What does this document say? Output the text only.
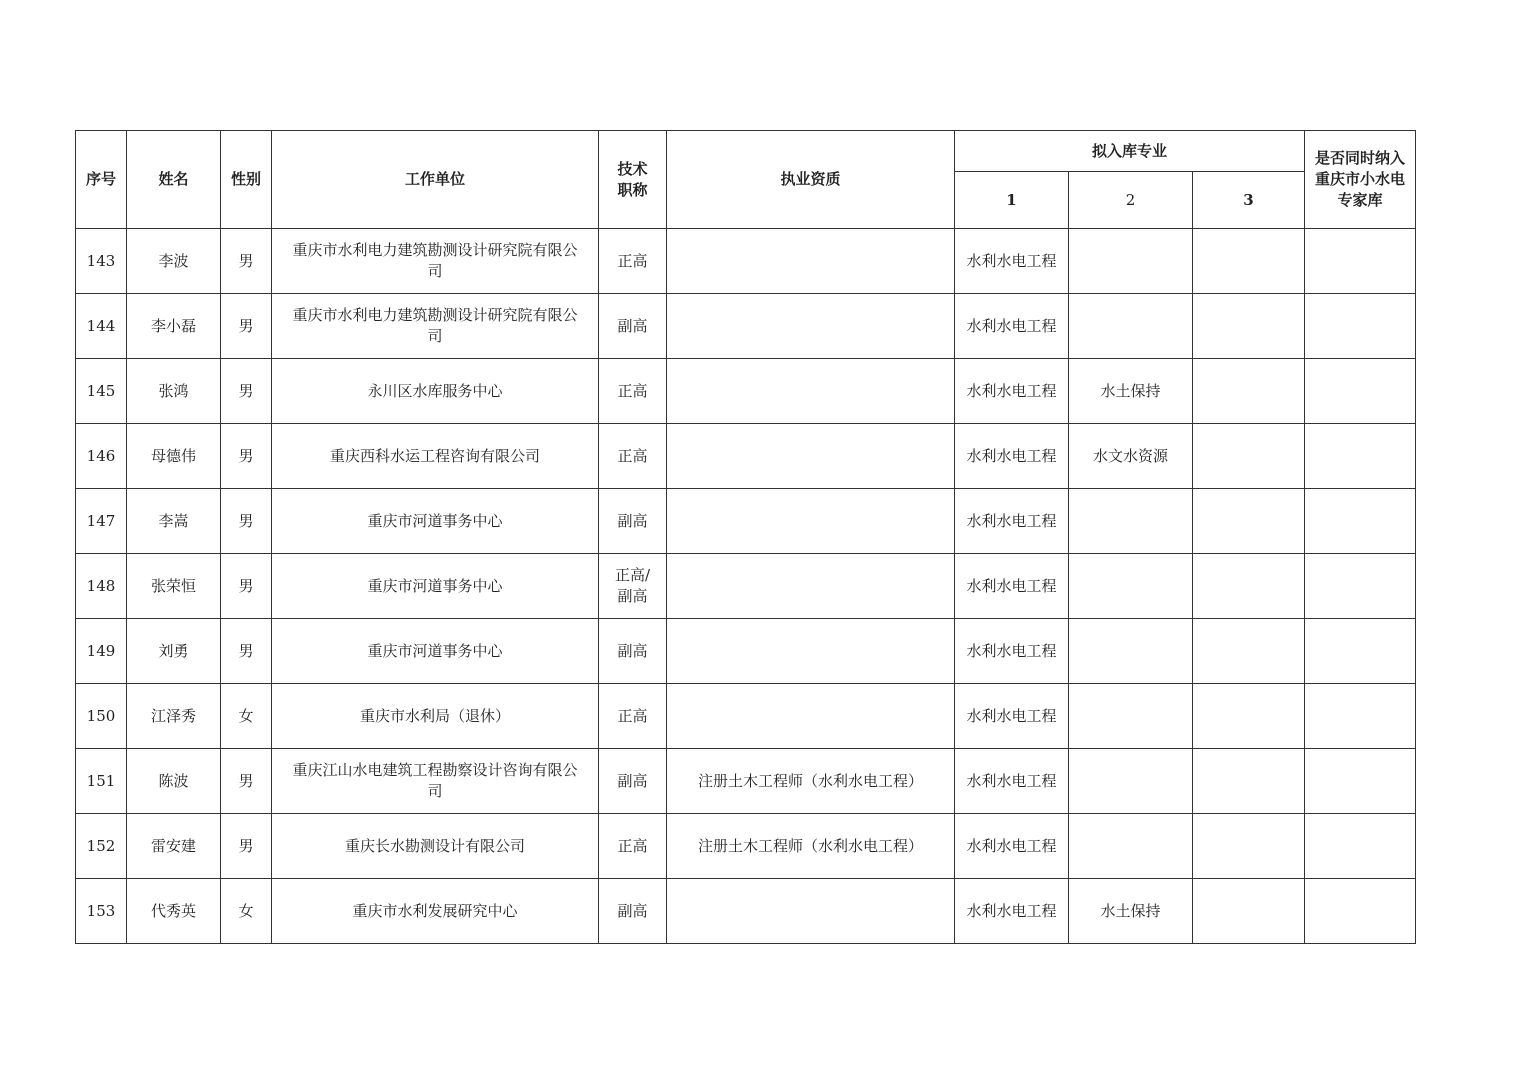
序号	姓名	性别	工作单位	技术职称	执业资质	拟入库专业			是否同时纳入重庆市小水电专家库

						1	2	3	
143	李波	男	重庆市水利电力建筑勘测设计研究院有限公司	正高		水利水电工程			

144	李小磊	男	重庆市水利电力建筑勘测设计研究院有限公司	副高		水利水电工程			

145	张鸿	男	永川区水库服务中心	正高		水利水电工程	水土保持		
146	母德伟	男	重庆西科水运工程咨询有限公司	正高		水利水电工程	水文水资源		
147	李嵩	男	重庆市河道事务中心	副高		水利水电工程			

148	张荣恒	男	重庆市河道事务中心	正高/副高		水利水电工程			

149	刘勇	男	重庆市河道事务中心	副高		水利水电工程			

150	江泽秀	女	重庆市水利局（退休）	正高		水利水电工程			

151	陈波	男	重庆江山水电建筑工程勘察设计咨询有限公司	副高	注册土木工程师（水利水电工程）	水利水电工程			

152	雷安建	男	重庆长水勘测设计有限公司	正高	注册土木工程师（水利水电工程）	水利水电工程			

153	代秀英	女	重庆市水利发展研究中心	副高		水利水电工程	水土保持		
